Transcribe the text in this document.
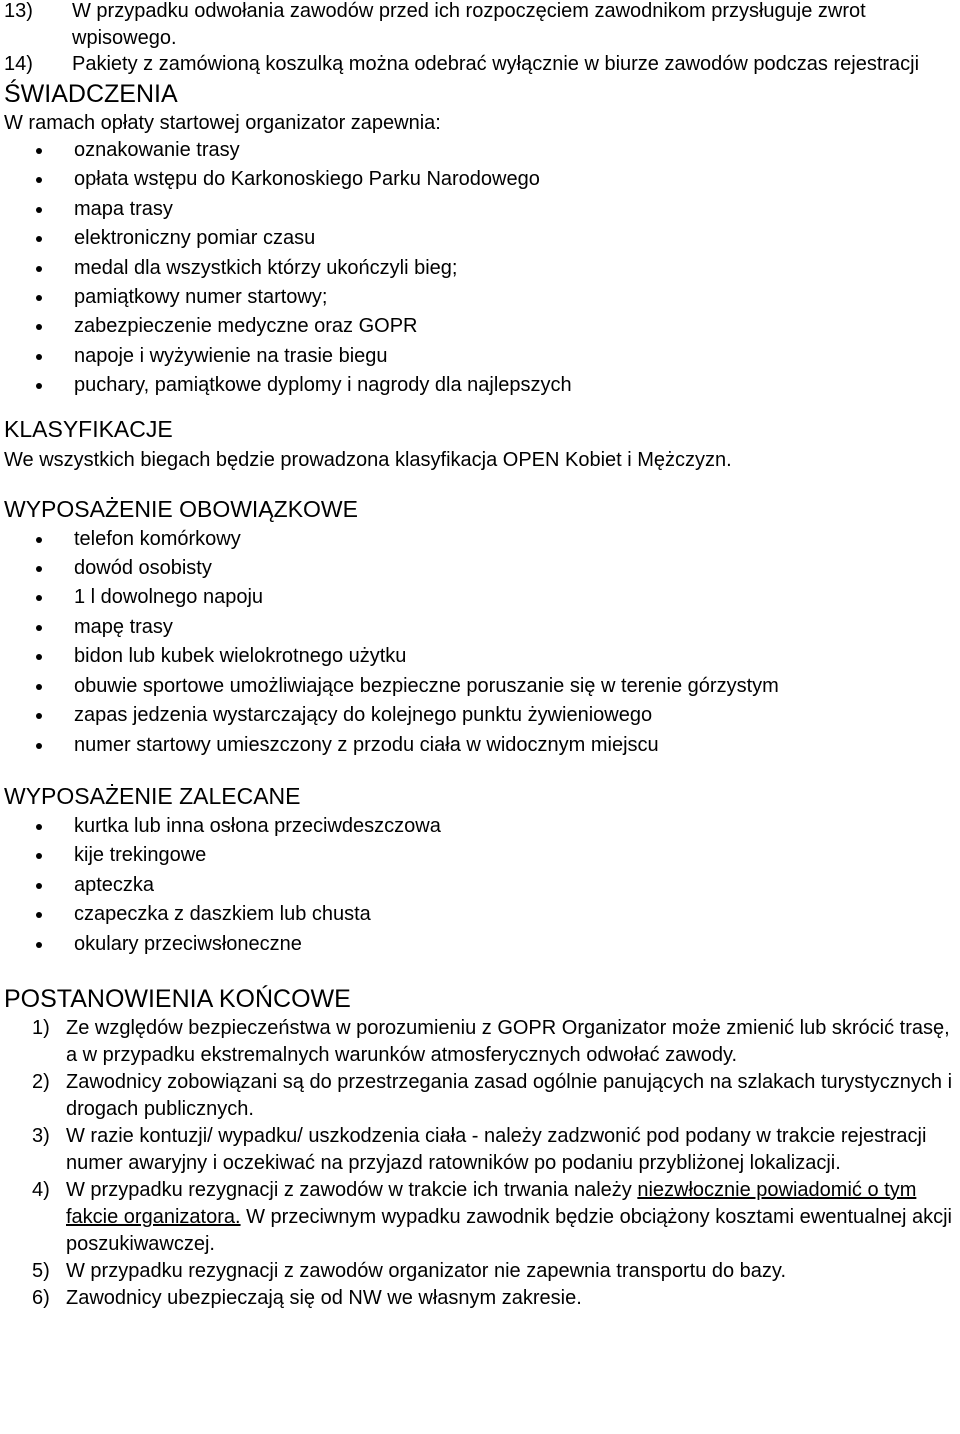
13)	W przypadku odwołania zawodów przed ich rozpoczęciem zawodnikom przysługuje zwrot wpisowego.
14)	Pakiety z zamówioną koszulką można odebrać wyłącznie w biurze zawodów podczas rejestracji
ŚWIADCZENIA

W ramach opłaty startowej organizator zapewnia:

oznakowanie trasy
opłata wstępu do Karkonoskiego Parku Narodowego
mapa trasy
elektroniczny pomiar czasu
medal dla wszystkich którzy ukończyli bieg;
pamiątkowy numer startowy;
zabezpieczenie medyczne oraz GOPR
napoje i wyżywienie na trasie biegu
puchary, pamiątkowe dyplomy i nagrody dla najlepszych
KLASYFIKACJE

We wszystkich biegach będzie prowadzona klasyfikacja OPEN Kobiet i Mężczyzn.

WYPOSAŻENIE OBOWIĄZKOWE
telefon komórkowy
dowód osobisty
1 l dowolnego napoju
mapę trasy
bidon lub kubek wielokrotnego użytku
obuwie sportowe umożliwiające bezpieczne poruszanie się w terenie górzystym
zapas jedzenia wystarczający do kolejnego punktu żywieniowego
numer startowy umieszczony z przodu ciała w widocznym miejscu
WYPOSAŻENIE ZALECANE
kurtka lub inna osłona przeciwdeszczowa
kije trekingowe
apteczka
czapeczka z daszkiem lub chusta
okulary przeciwsłoneczne
POSTANOWIENIA KOŃCOWE
1) Ze względów bezpieczeństwa w porozumieniu z GOPR Organizator może zmienić lub skrócić trasę, a w przypadku ekstremalnych warunków atmosferycznych odwołać zawody.
2) Zawodnicy zobowiązani są do przestrzegania zasad ogólnie panujących na szlakach turystycznych i drogach publicznych.
3) W razie kontuzji/ wypadku/ uszkodzenia ciała - należy zadzwonić pod podany w trakcie rejestracji numer awaryjny i oczekiwać na przyjazd ratowników po podaniu przybliżonej lokalizacji.
4) W przypadku rezygnacji z zawodów w trakcie ich trwania należy niezwłocznie powiadomić o tym fakcie organizatora. W przeciwnym wypadku zawodnik będzie obciążony kosztami ewentualnej akcji poszukiwawczej.
5) W przypadku rezygnacji z zawodów organizator nie zapewnia transportu do bazy.
6) Zawodnicy ubezpieczają się od NW we własnym zakresie.
